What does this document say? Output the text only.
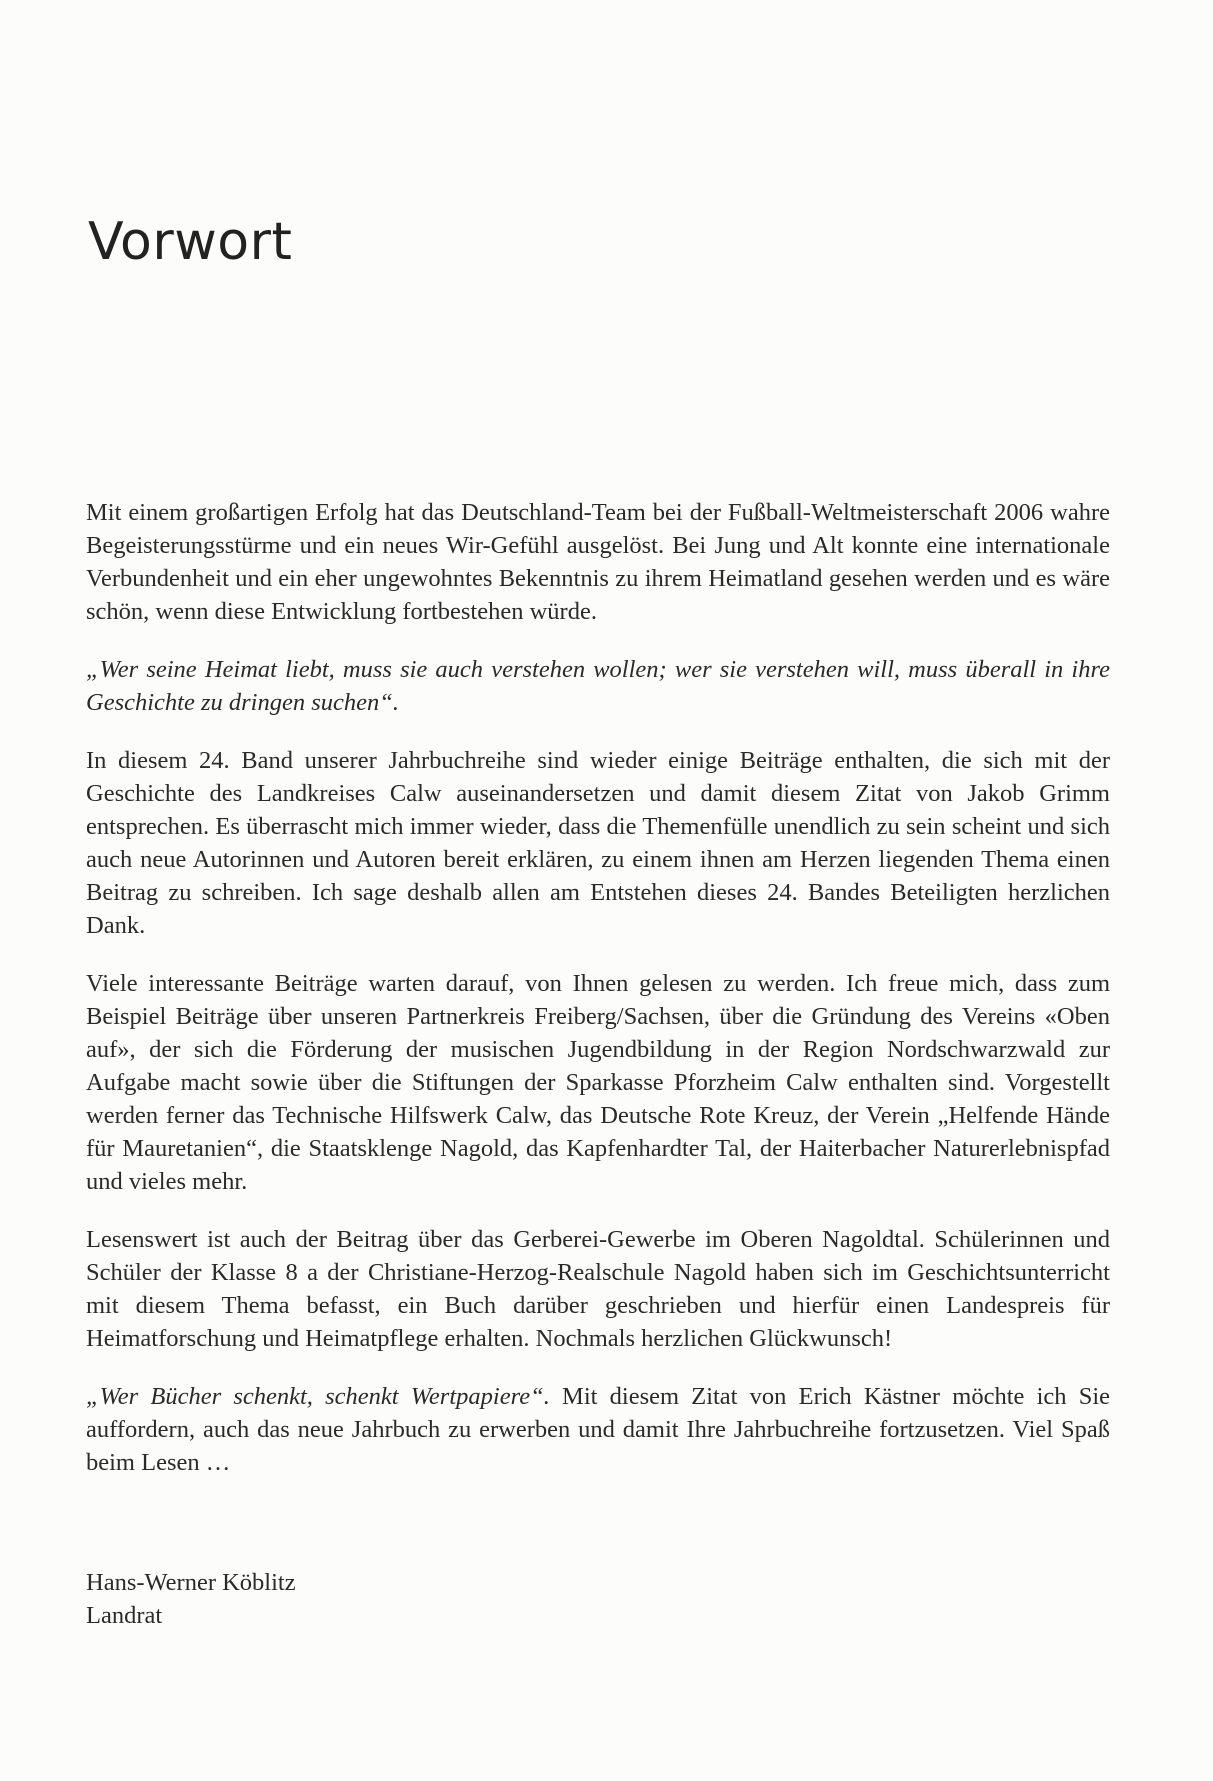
Vorwort

Mit einem großartigen Erfolg hat das Deutschland-Team bei der Fußball-Weltmeisterschaft 2006 wahre Begeisterungsstürme und ein neues Wir-Gefühl ausgelöst. Bei Jung und Alt konnte eine internationale Verbundenheit und ein eher ungewohntes Bekenntnis zu ihrem Heimatland gesehen werden und es wäre schön, wenn diese Entwicklung fortbestehen würde.

„Wer seine Heimat liebt, muss sie auch verstehen wollen; wer sie verstehen will, muss überall in ihre Geschichte zu dringen suchen“.

In diesem 24. Band unserer Jahrbuchreihe sind wieder einige Beiträge enthalten, die sich mit der Geschichte des Landkreises Calw auseinandersetzen und damit diesem Zitat von Jakob Grimm entsprechen. Es überrascht mich immer wieder, dass die Themenfülle unendlich zu sein scheint und sich auch neue Autorinnen und Autoren bereit erklären, zu einem ihnen am Herzen liegenden Thema einen Beitrag zu schreiben. Ich sage deshalb allen am Entstehen dieses 24. Bandes Beteiligten herzlichen Dank.

Viele interessante Beiträge warten darauf, von Ihnen gelesen zu werden. Ich freue mich, dass zum Beispiel Beiträge über unseren Partnerkreis Freiberg/Sachsen, über die Gründung des Vereins «Oben auf», der sich die Förderung der musischen Jugendbildung in der Region Nordschwarzwald zur Aufgabe macht sowie über die Stiftungen der Sparkasse Pforzheim Calw enthalten sind. Vorgestellt werden ferner das Technische Hilfswerk Calw, das Deutsche Rote Kreuz, der Verein „Helfende Hände für Mauretanien“, die Staatsklenge Nagold, das Kapfenhardter Tal, der Haiterbacher Naturerlebnispfad und vieles mehr.

Lesenswert ist auch der Beitrag über das Gerberei-Gewerbe im Oberen Nagoldtal. Schülerinnen und Schüler der Klasse 8 a der Christiane-Herzog-Realschule Nagold haben sich im Geschichtsunterricht mit diesem Thema befasst, ein Buch darüber geschrieben und hierfür einen Landespreis für Heimatforschung und Heimatpflege erhalten. Nochmals herzlichen Glückwunsch!

„Wer Bücher schenkt, schenkt Wertpapiere“. Mit diesem Zitat von Erich Kästner möchte ich Sie auffordern, auch das neue Jahrbuch zu erwerben und damit Ihre Jahrbuchreihe fortzusetzen. Viel Spaß beim Lesen …

Hans-Werner Köblitz
Landrat
